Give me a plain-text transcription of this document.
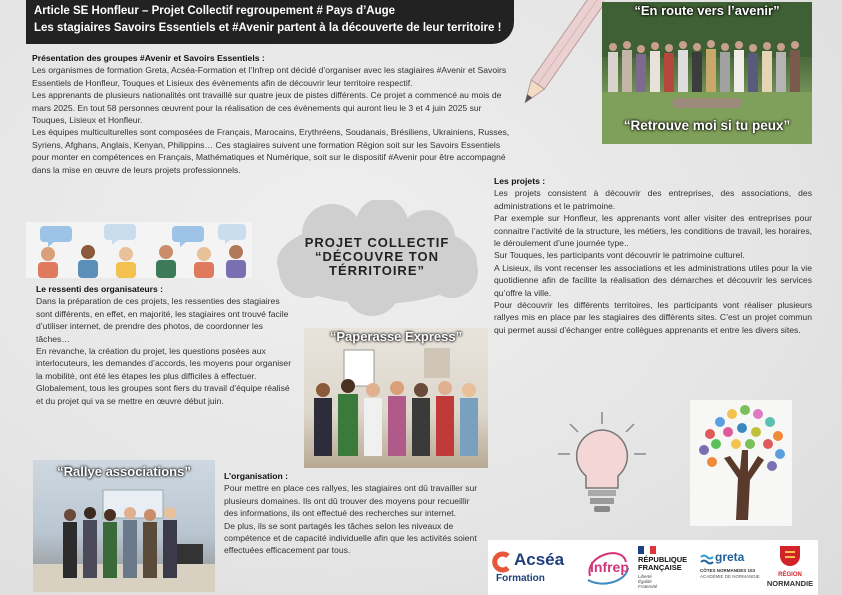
Article SE Honfleur – Projet Collectif regroupement # Pays d’Auge
Les stagiaires Savoirs Essentiels et #Avenir partent à la découverte de leur territoire !
Présentation des groupes #Avenir et Savoirs Essentiels :

Les organismes de formation Greta, Acséa-Formation et l’Infrep ont décidé d’organiser avec les stagiaires #Avenir et Savoirs Essentiels de Honfleur, Touques et Lisieux des évènements afin de découvrir leur territoire respectif.

Les apprenants de plusieurs nationalités ont travaillé sur quatre jeux de pistes différents. Ce projet a commencé au mois de mars 2025. En tout 58 personnes œuvrent pour la réalisation de ces évènements qui auront lieu le 3 et 4 juin 2025 sur Touques, Lisieux et Honfleur.

Les équipes multiculturelles sont composées de Français, Marocains, Erythréens, Soudanais, Brésiliens, Ukrainiens, Russes, Syriens, Afghans, Anglais, Kenyan, Philippins… Ces stagiaires suivent une formation Région soit sur les Savoirs Essentiels pour monter en compétences en Français, Mathématiques et Numérique, soit sur le dispositif #Avenir pour être accompagné dans la mise en œuvre de leurs projets professionnels.

“En route vers l’avenir”
“Retrouve moi si tu peux”
PROJET COLLECTIF
“DÉCOUVRE TON
TÉRRITOIRE”
Le ressenti des organisateurs :

Dans la préparation de ces projets, les ressenties des stagiaires sont différents, en effet, en majorité, les stagiaires ont trouvé facile d’utiliser internet, de prendre des photos, de coordonner les tâches…

En revanche, la création du projet, les questions posées aux interlocuteurs, les demandes d’accords, les moyens pour organiser la mobilité, ont été les étapes les plus difficiles à effectuer.

Globalement, tous les groupes sont fiers du travail d’équipe réalisé et du projet qui va se mettre en œuvre début juin.

Les projets :

Les projets consistent à découvrir des entreprises, des associations, des administrations et le patrimoine.

Par exemple sur Honfleur, les apprenants vont aller visiter des entreprises pour connaitre l’activité de la structure, les métiers, les conditions de travail, les horaires, le déroulement d’une journée type..

Sur Touques, les participants vont découvrir le patrimoine culturel.

A Lisieux, ils vont recenser les associations et les administrations utiles pour la vie quotidienne afin de facilite la réalisation des démarches et découvrir les services qu’offre la ville.

Pour découvrir les différents territoires, les participants vont réaliser plusieurs rallyes mis en place par les stagiaires des différents sites. C’est un projet commun qui permet aussi d’échanger entre collègues apprenants et entre les divers sites.

“Paperasse Express”
“Rallye associations”	L’organisation :

Pour mettre en place ces rallyes, les stagiaires ont dû travailler sur plusieurs domaines. Ils ont dû trouver des moyens pour recueillir des informations, ils ont effectué des recherches sur internet.

De plus, ils se sont partagés les tâches selon les niveaux de compétence et de capacité individuelle afin que les activités soient effectuées efficacement par tous.	Acséa
Formation
infrep RÉPUBLIQUE
FRANÇAISE
Liberté
Égalité
Fraternité
greta
CÔTES NORMANDES 103
ACADÉMIE DE NORMANDIE	RÉGION
NORMANDIE
